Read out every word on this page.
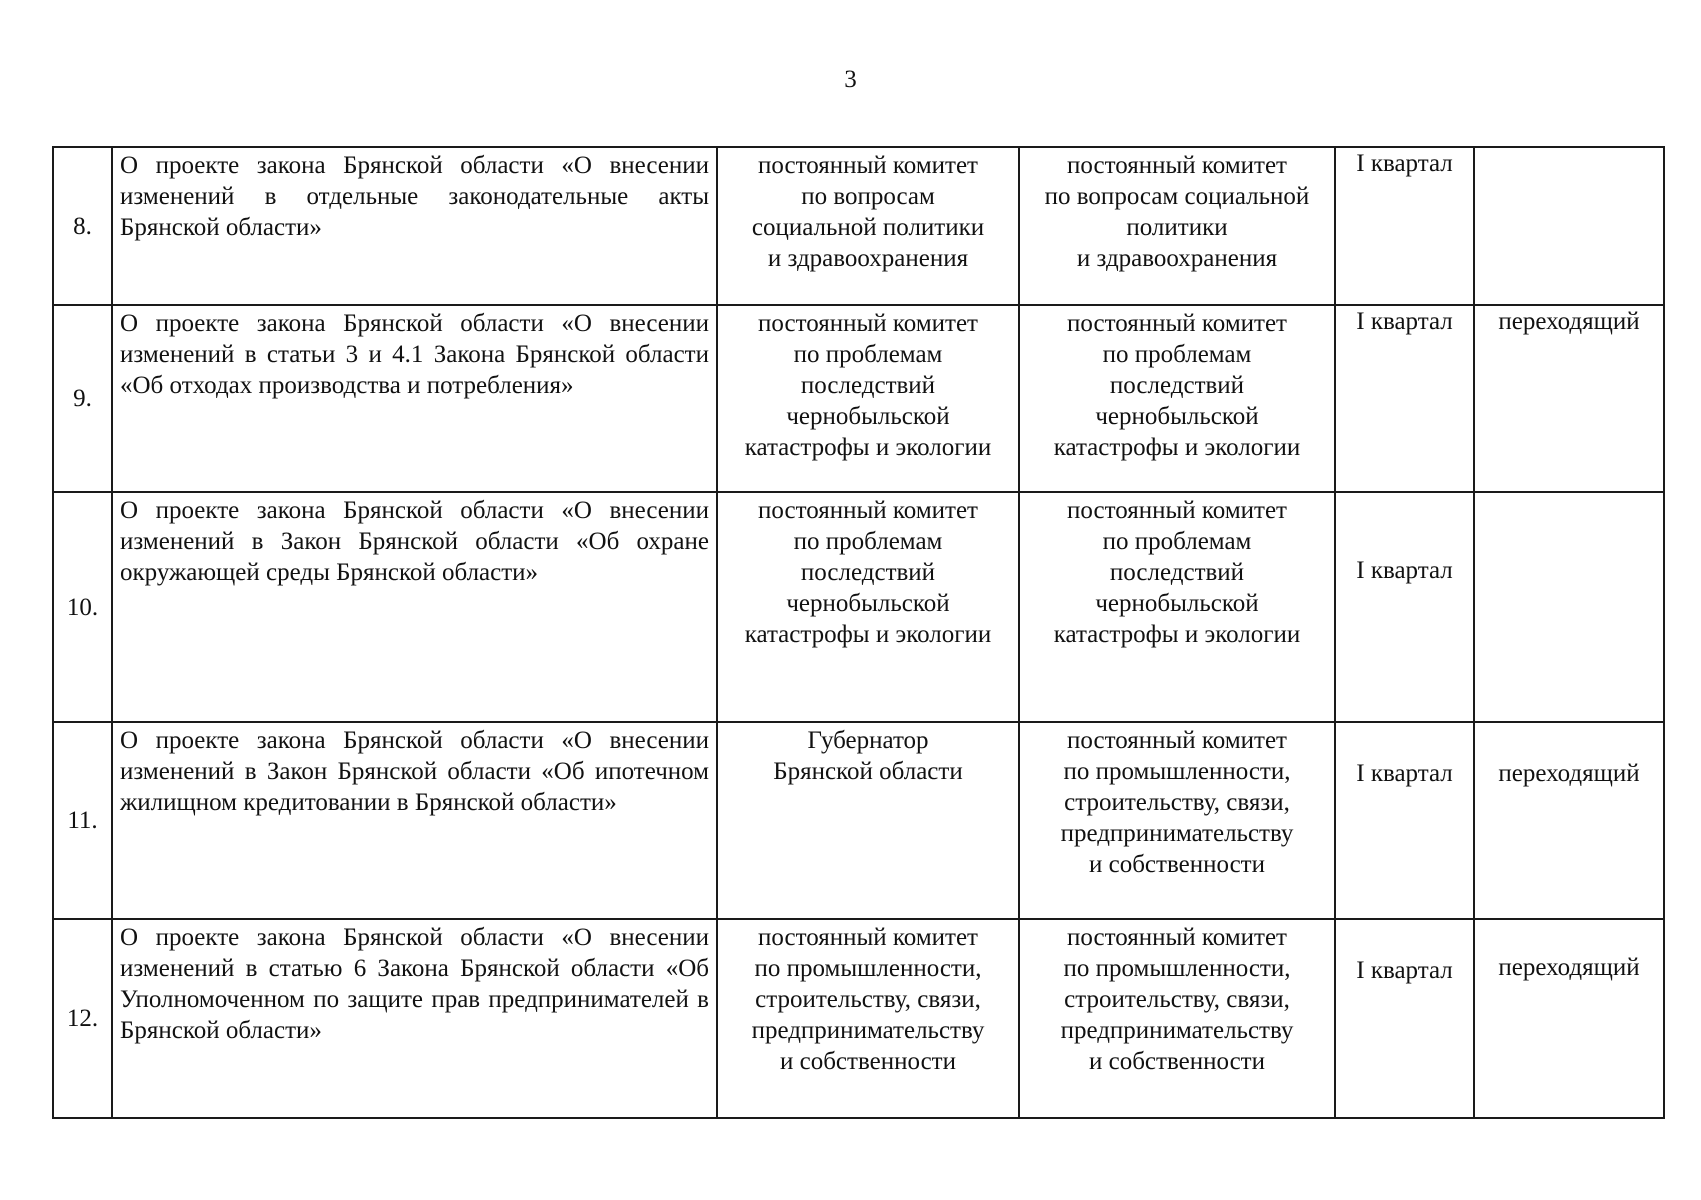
3
8.	О проекте закона Брянской области «О внесении изменений в отдельные законодательные акты Брянской области»	постоянный комитет
по вопросам
социальной политики
и здравоохранения	постоянный комитет
по вопросам социальной
политики
и здравоохранения	I квартал	

9.	О проекте закона Брянской области «О внесении изменений в статьи 3 и 4.1 Закона Брянской области «Об отходах производства и потребления»	постоянный комитет
по проблемам
последствий
чернобыльской
катастрофы и экологии	постоянный комитет
по проблемам
последствий
чернобыльской
катастрофы и экологии	I квартал	переходящий

10.	О проекте закона Брянской области «О внесении изменений в Закон Брянской области «Об охране окружающей среды Брянской области»	постоянный комитет
по проблемам
последствий
чернобыльской
катастрофы и экологии	постоянный комитет
по проблемам
последствий
чернобыльской
катастрофы и экологии	I квартал	

11.	О проекте закона Брянской области «О внесении изменений в Закон Брянской области «Об ипотечном жилищном кредитовании в Брянской области»	Губернатор
Брянской области	постоянный комитет
по промышленности,
строительству, связи,
предпринимательству
и собственности	I квартал	переходящий

12.	О проекте закона Брянской области «О внесении изменений в статью 6 Закона Брянской области «Об Уполномоченном по защите прав предпринимателей в Брянской области»	постоянный комитет
по промышленности,
строительству, связи,
предпринимательству
и собственности	постоянный комитет
по промышленности,
строительству, связи,
предпринимательству
и собственности	I квартал	переходящий
